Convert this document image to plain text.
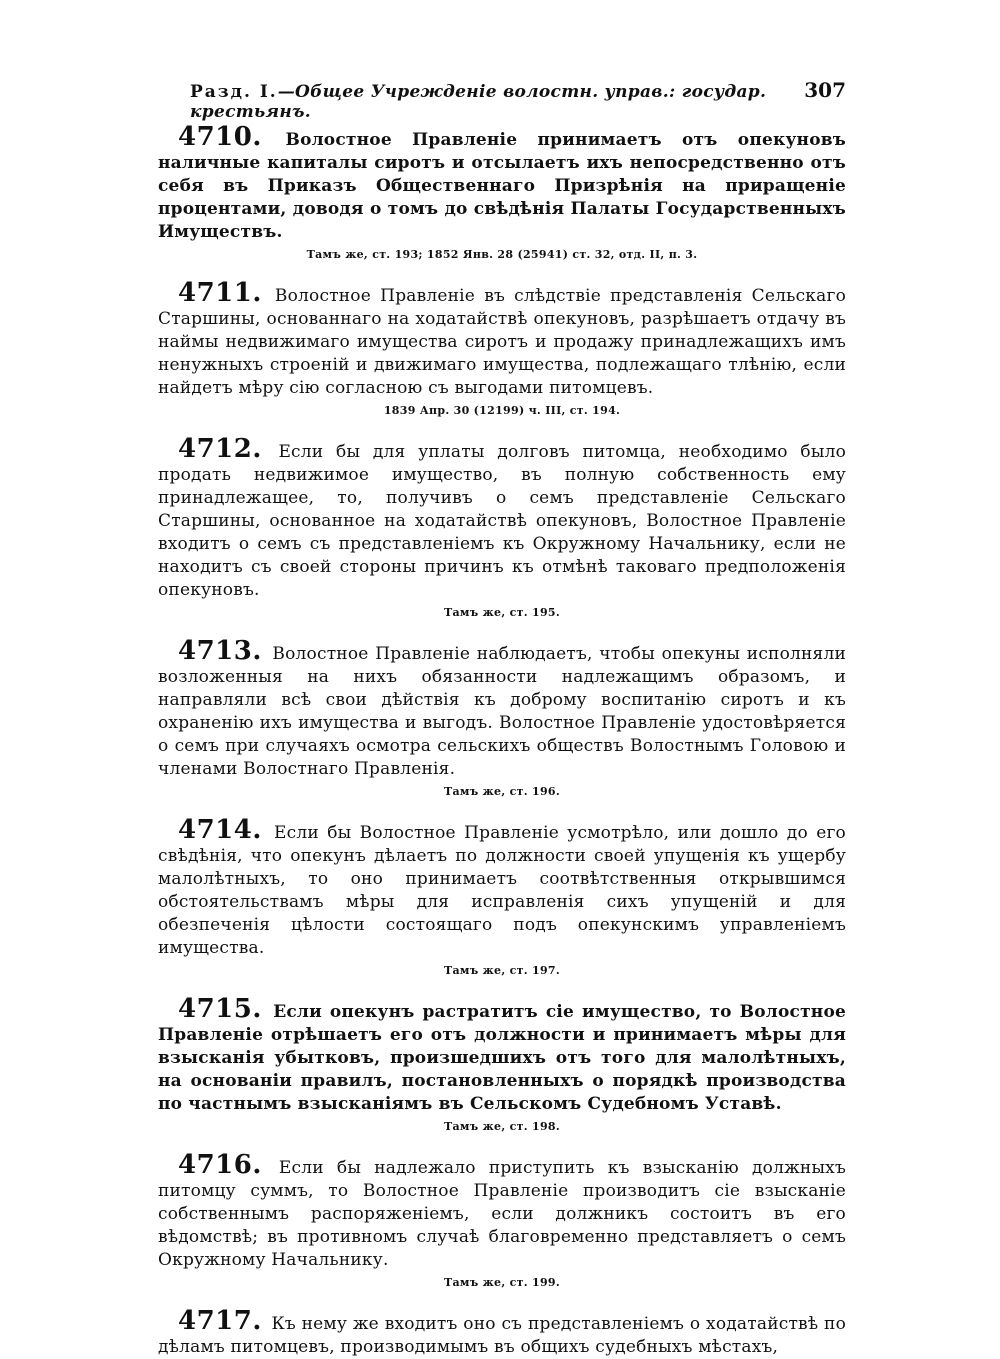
Разд. I.—Общее Учрежденіе волостн. управ.: государ. крестьянъ.
307

4710. Волостное Правленіе принимаетъ отъ опекуновъ наличные капиталы сиротъ и отсылаетъ ихъ непосредственно отъ себя въ Приказъ Общественнаго Призрѣнія на приращеніе процентами, доводя о томъ до свѣдѣнія Палаты Государственныхъ Имуществъ.

Тамъ же, ст. 193; 1852 Янв. 28 (25941) ст. 32, отд. II, п. 3.

4711. Волостное Правленіе въ слѣдствіе представленія Сельскаго Старшины, основаннаго на ходатайствѣ опекуновъ, разрѣшаетъ отдачу въ наймы недвижимаго имущества сиротъ и продажу принадлежащихъ имъ ненужныхъ строеній и движимаго имущества, подлежащаго тлѣнію, если найдетъ мѣру сію согласною съ выгодами питомцевъ.

1839 Апр. 30 (12199) ч. III, ст. 194.

4712. Если бы для уплаты долговъ питомца, необходимо было продать недвижимое имущество, въ полную собственность ему принадлежащее, то, получивъ о семъ представленіе Сельскаго Старшины, основанное на ходатайствѣ опекуновъ, Волостное Правленіе входитъ о семъ съ представленіемъ къ Окружному Начальнику, если не находитъ съ своей стороны причинъ къ отмѣнѣ таковаго предположенія опекуновъ.

Тамъ же, ст. 195.

4713. Волостное Правленіе наблюдаетъ, чтобы опекуны исполняли возложенныя на нихъ обязанности надлежащимъ образомъ, и направляли всѣ свои дѣйствія къ доброму воспитанію сиротъ и къ охраненію ихъ имущества и выгодъ. Волостное Правленіе удостовѣряется о семъ при случаяхъ осмотра сельскихъ обществъ Волостнымъ Головою и членами Волостнаго Правленія.

Тамъ же, ст. 196.

4714. Если бы Волостное Правленіе усмотрѣло, или дошло до его свѣдѣнія, что опекунъ дѣлаетъ по должности своей упущенія къ ущербу малолѣтныхъ, то оно принимаетъ соотвѣтственныя открывшимся обстоятельствамъ мѣры для исправленія сихъ упущеній и для обезпеченія цѣлости состоящаго подъ опекунскимъ управленіемъ имущества.

Тамъ же, ст. 197.

4715. Если опекунъ растратитъ сіе имущество, то Волостное Правленіе отрѣшаетъ его отъ должности и принимаетъ мѣры для взысканія убытковъ, произшедшихъ отъ того для малолѣтныхъ, на основаніи правилъ, постановленныхъ о порядкѣ производства по частнымъ взысканіямъ въ Сельскомъ Судебномъ Уставѣ.

Тамъ же, ст. 198.

4716. Если бы надлежало приступить къ взысканію должныхъ питомцу суммъ, то Волостное Правленіе производитъ сіе взысканіе собственнымъ распоряженіемъ, если должникъ состоитъ въ его вѣдомствѣ; въ противномъ случаѣ благовременно представляетъ о семъ Окружному Начальнику.

Тамъ же, ст. 199.

4717. Къ нему же входитъ оно съ представленіемъ о ходатайствѣ по дѣламъ питомцевъ, производимымъ въ общихъ судебныхъ мѣстахъ,
